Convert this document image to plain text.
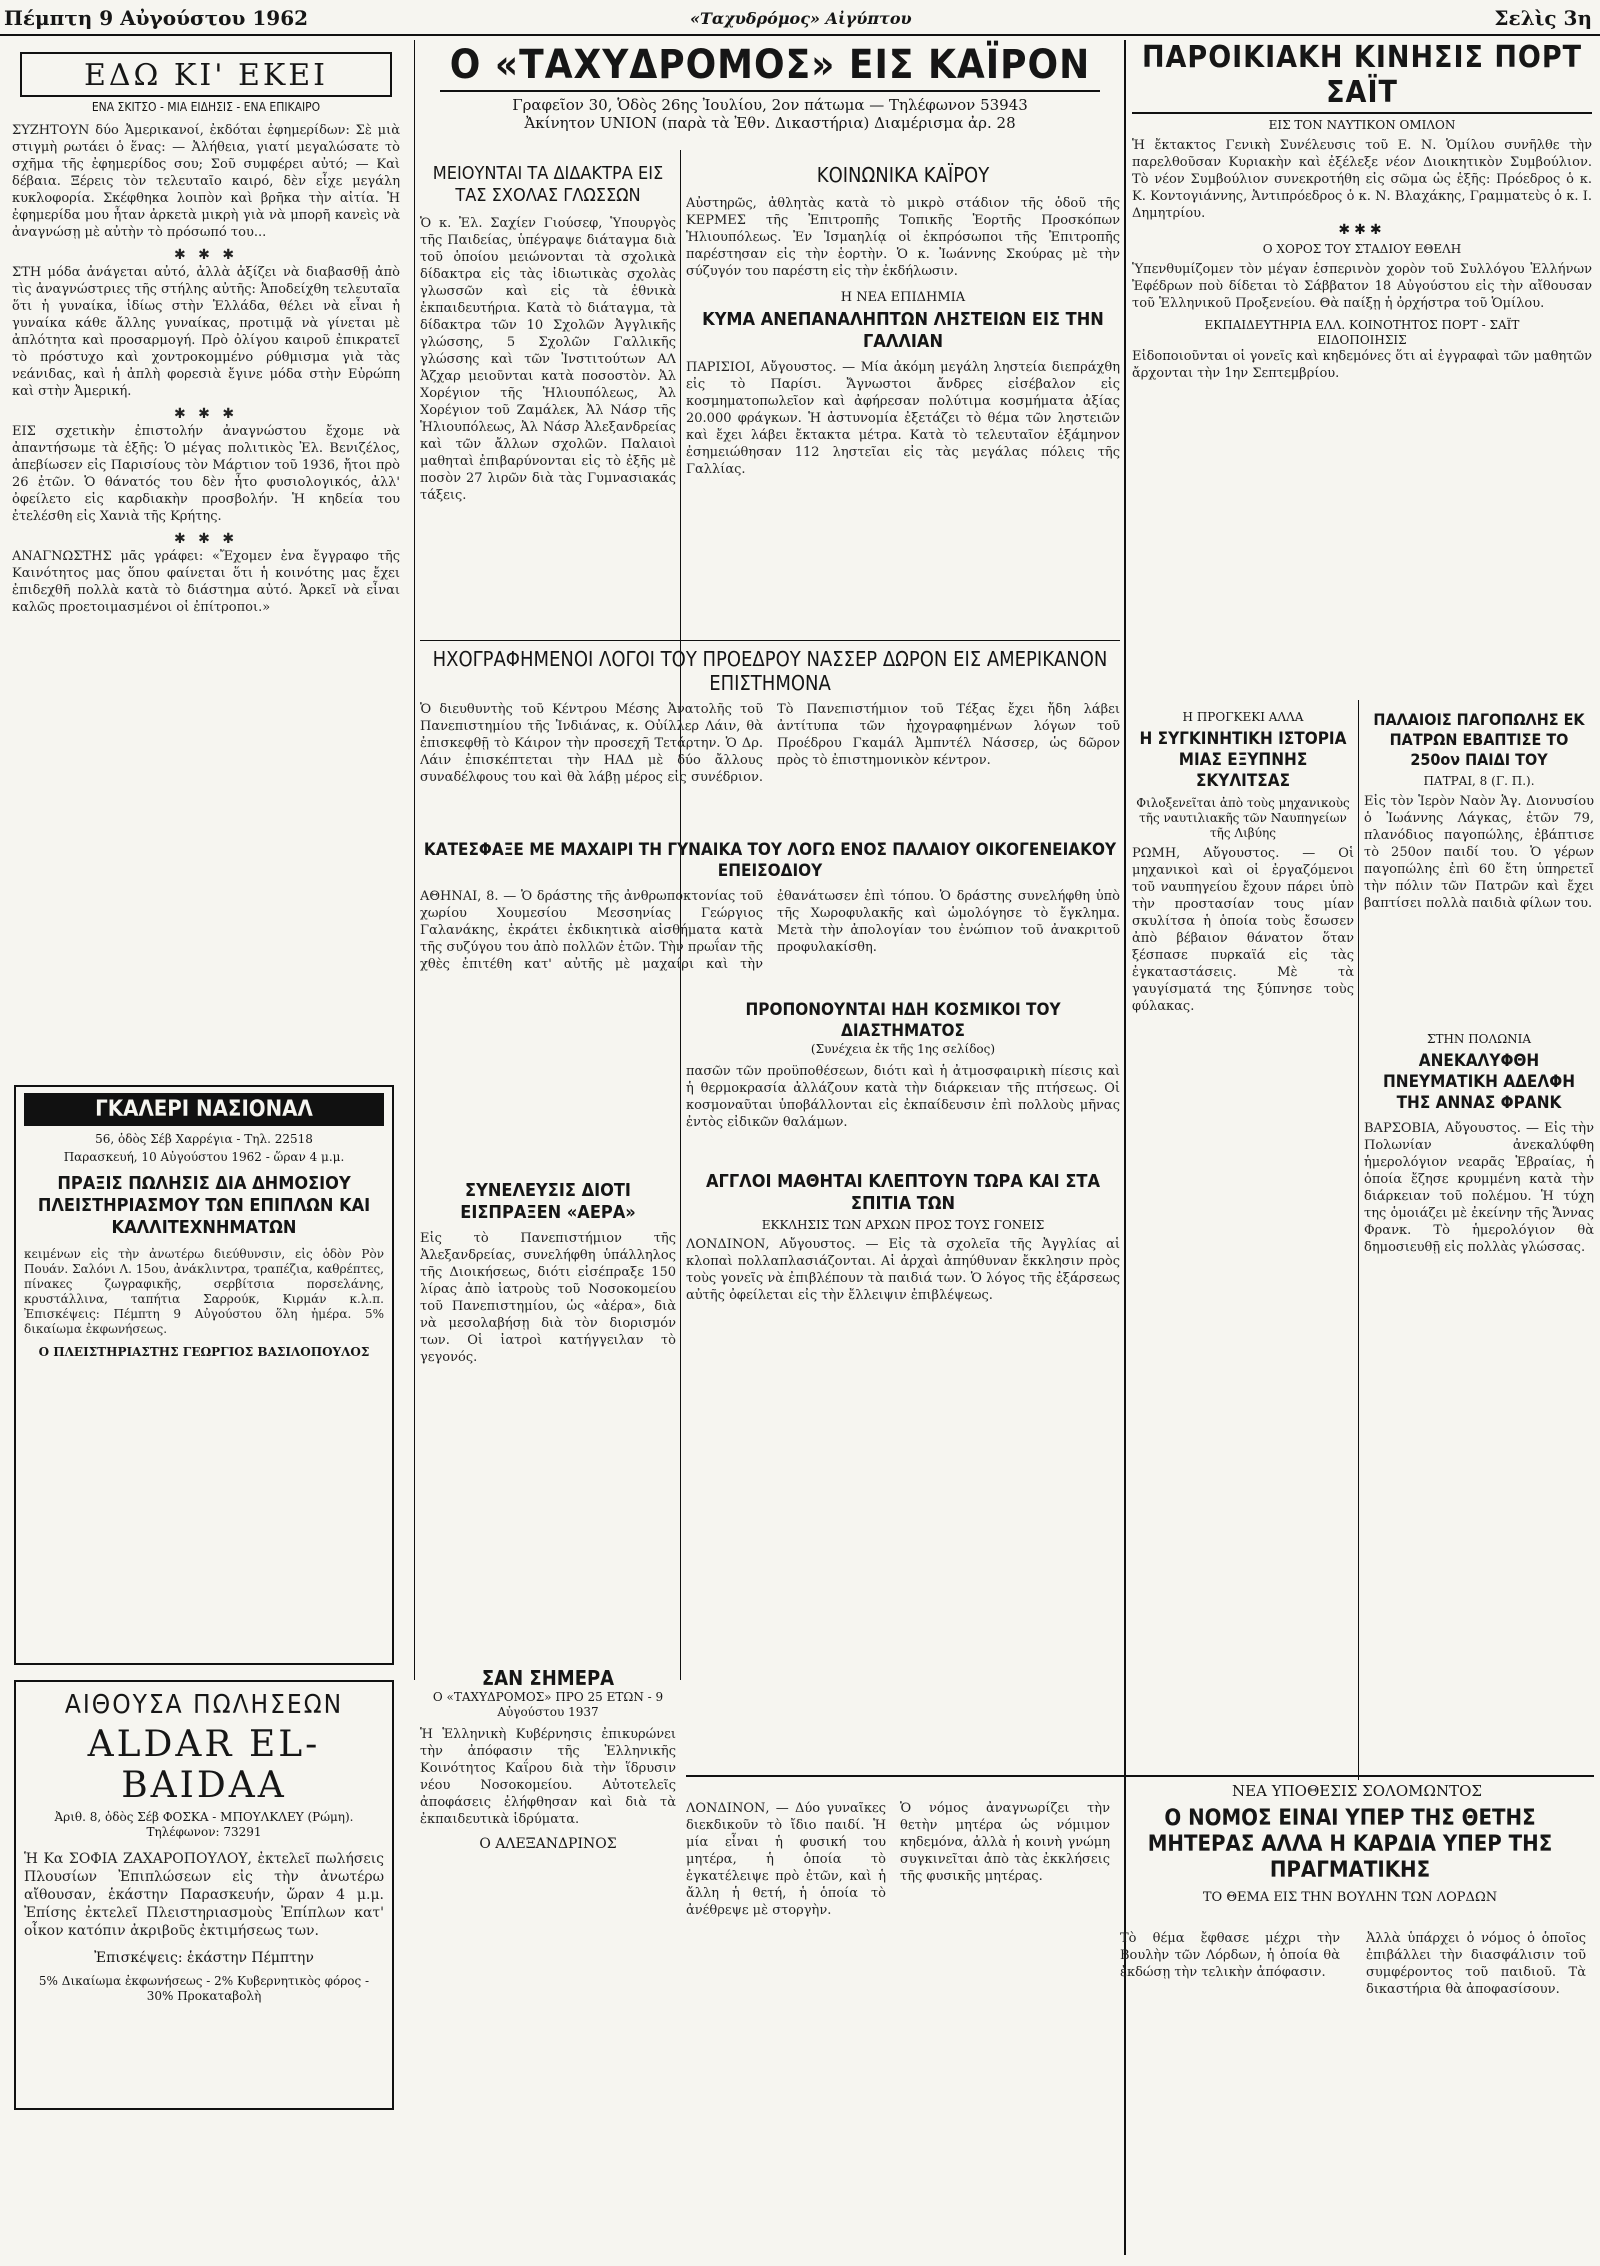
Πέμπτη 9 Αὐγούστου 1962	«Ταχυδρόμος» Αἰγύπτου	Σελὶς 3η
ΕΔΩ ΚΙ' ΕΚΕΙ
ΕΝΑ ΣΚΙΤΣΟ - ΜΙΑ ΕΙΔΗΣΙΣ - ΕΝΑ ΕΠΙΚΑΙΡΟ

ΣΥΖΗΤΟΥΝ δύο Ἀμερικανοί, ἐκδόται ἐφημερίδων: Σὲ μιὰ στιγμὴ ρωτάει ὁ ἕνας: — Ἀλήθεια, γιατί μεγαλώσατε τὸ σχῆμα τῆς ἐφημερίδος σου; Σοῦ συμφέρει αὐτό; — Καὶ δέβαια. Ξέρεις τὸν τελευταῖο καιρό, δὲν εἶχε μεγάλη κυκλοφορία. Σκέφθηκα λοιπὸν καὶ βρῆκα τὴν αἰτία. Ἡ ἐφημερίδα μου ἦταν ἀρκετὰ μικρὴ γιὰ νὰ μπορῆ κανεὶς νὰ ἀναγνώσῃ μὲ αὐτὴν τὸ πρόσωπό του...

✱ ✱ ✱

ΣΤΗ μόδα ἀνάγεται αὐτό, ἀλλὰ ἀξίζει νὰ διαβασθῇ ἀπὸ τὶς ἀναγνώστριες τῆς στήλης αὐτῆς: Ἀποδείχθη τελευταῖα ὅτι ἡ γυναίκα, ἰδίως στὴν Ἑλλάδα, θέλει νὰ εἶναι ἡ γυναίκα κάθε ἄλλης γυναίκας, προτιμᾷ νὰ γίνεται μὲ ἀπλότητα καὶ προσαρμογή. Πρὸ ὀλίγου καιροῦ ἐπικρατεῖ τὸ πρόστυχο καὶ χοντροκομμένο ρύθμισμα γιὰ τὰς νεάνιδας, καὶ ἡ ἀπλὴ φορεσιὰ ἔγινε μόδα στὴν Εὐρώπη καὶ στὴν Ἀμερική.

✱ ✱ ✱

ΕΙΣ σχετικὴν ἐπιστολήν ἀναγνώστου ἔχομε νὰ ἀπαντήσωμε τὰ ἑξῆς: Ὁ μέγας πολιτικὸς Ἐλ. Βενιζέλος, ἀπεβίωσεν εἰς Παρισίους τὸν Μάρτιον τοῦ 1936, ἤτοι πρὸ 26 ἐτῶν. Ὁ θάνατός του δὲν ἦτο φυσιολογικός, ἀλλ' ὀφείλετο εἰς καρδιακὴν προσβολήν. Ἡ κηδεία του ἐτελέσθη εἰς Χανιὰ τῆς Κρήτης.

✱ ✱ ✱

ΑΝΑΓΝΩΣΤΗΣ μᾶς γράφει: «Ἔχομεν ἐνα ἔγγραφο τῆς Καινότητος μας ὅπου φαίνεται ὅτι ἡ κοινότης μας ἔχει ἐπιδεχθῆ πολλὰ κατὰ τὸ διάστημα αὐτό. Ἀρκεῖ νὰ εἶναι καλῶς προετοιμασμένοι οἱ ἐπίτροποι.»

ΓΚΑΛΕΡΙ ΝΑΣΙΟΝΑΛ
56, ὁδὸς Σέβ Χαρρέγια - Τηλ. 22518
Παρασκευή, 10 Αὐγούστου 1962 - ὥραν 4 μ.μ.
ΠΡΑΞΙΣ ΠΩΛΗΣΙΣ ΔΙΑ ΔΗΜΟΣΙΟΥ ΠΛΕΙΣΤΗΡΙΑΣΜΟΥ ΤΩΝ ΕΠΙΠΛΩΝ ΚΑΙ ΚΑΛΛΙΤΕΧΝΗΜΑΤΩΝ
κειμένων εἰς τὴν ἀνωτέρω διεύθυνσιν, εἰς ὁδὸν Ρὸν Πουάν. Σαλόνι Λ. 15ου, ἀνάκλιντρα, τραπέζια, καθρέπτες, πίνακες ζωγραφικῆς, σερβίτσια πορσελάνης, κρυστάλλινα, ταπήτια Σαρρούκ, Κιρμάν κ.λ.π. Ἐπισκέψεις: Πέμπτη 9 Αὐγούστου ὅλη ἡμέρα. 5% δικαίωμα ἐκφωνήσεως.
Ο ΠΛΕΙΣΤΗΡΙΑΣΤΗΣ ΓΕΩΡΓΙΟΣ ΒΑΣΙΛΟΠΟΥΛΟΣ
ΑΙΘΟΥΣΑ ΠΩΛΗΣΕΩΝ
ALDAR EL-BAIDAA
Ἀριθ. 8, ὁδὸς Σέβ ΦΟΣΚΑ - ΜΠΟΥΛΚΛΕΥ (Ρώμη). Τηλέφωνον: 73291
Ἡ Κα ΣΟΦΙΑ ΖΑΧΑΡΟΠΟΥΛΟΥ, ἐκτελεῖ πωλήσεις Πλουσίων Ἐπιπλώσεων εἰς τὴν ἀνωτέρω αἴθουσαν, ἑκάστην Παρασκευήν, ὥραν 4 μ.μ. Ἐπίσης ἐκτελεῖ Πλειστηριασμοὺς Ἐπίπλων κατ' οἶκον κατόπιν ἀκριβοῦς ἐκτιμήσεως των.
Ἐπισκέψεις: ἑκάστην Πέμπτην
5% Δικαίωμα ἐκφωνήσεως - 2% Κυβερνητικὸς φόρος - 30% Προκαταβολὴ
Ο «ΤΑΧΥΔΡΟΜΟΣ» ΕΙΣ ΚΑΪΡΟΝ
Γραφεῖον 30, Ὁδὸς 26ης Ἰουλίου, 2ον πάτωμα — Τηλέφωνον 53943
Ἀκίνητον UNION (παρὰ τὰ Ἐθν. Δικαστήρια) Διαμέρισμα ἀρ. 28
ΜΕΙΟΥΝΤΑΙ ΤΑ ΔΙΔΑΚΤΡΑ ΕΙΣ ΤΑΣ ΣΧΟΛΑΣ ΓΛΩΣΣΩΝ
Ὁ κ. Ἐλ. Σαχίεν Γιούσεφ, Ὑπουργὸς τῆς Παιδείας, ὑπέγραψε διάταγμα διὰ τοῦ ὁποίου μειώνονται τὰ σχολικὰ δίδακτρα εἰς τὰς ἰδιωτικὰς σχολὰς γλωσσῶν καὶ εἰς τὰ ἐθνικὰ ἐκπαιδευτήρια. Κατὰ τὸ διάταγμα, τὰ δίδακτρα τῶν 10 Σχολῶν Ἀγγλικῆς γλώσσης, 5 Σχολῶν Γαλλικῆς γλώσσης καὶ τῶν Ἰνστιτούτων ΑΛ Ἀζχαρ μειοῦνται κατὰ ποσοστὸν. Ἀλ Χορέγιον τῆς Ἡλιουπόλεως, Ἀλ Χορέγιον τοῦ Ζαμάλεκ, Ἀλ Νάσρ τῆς Ἡλιουπόλεως, Ἀλ Νάσρ Ἀλεξανδρείας καὶ τῶν ἄλλων σχολῶν. Παλαιοὶ μαθηταὶ ἐπιβαρύνονται εἰς τὸ ἐξῆς μὲ ποσὸν 27 λιρῶν διὰ τὰς Γυμνασιακάς τάξεις.
ΚΟΙΝΩΝΙΚΑ ΚΑΪΡΟΥ
Αὐστηρῶς, ἀθλητὰς κατὰ τὸ μικρὸ στάδιον τῆς ὁδοῦ τῆς ΚΕΡΜΕΣ τῆς Ἐπιτροπῆς Τοπικῆς Ἑορτῆς Προσκόπων Ἡλιουπόλεως. Ἐν Ἱσμαηλίᾳ οἱ ἐκπρόσωποι τῆς Ἐπιτροπῆς παρέστησαν εἰς τὴν ἑορτὴν. Ὁ κ. Ἰωάννης Σκούρας μὲ τὴν σύζυγόν του παρέστη εἰς τὴν ἐκδήλωσιν.
Η ΝΕΑ ΕΠΙΔΗΜΙΑ
ΚΥΜΑ ΑΝΕΠΑΝΑΛΗΠΤΩΝ ΛΗΣΤΕΙΩΝ ΕΙΣ ΤΗΝ ΓΑΛΛΙΑΝ
ΠΑΡΙΣΙΟΙ, Αὔγουστος. — Μία ἀκόμη μεγάλη ληστεία διεπράχθη εἰς τὸ Παρίσι. Ἄγνωστοι ἄνδρες εἰσέβαλον εἰς κοσμηματοπωλεῖον καὶ ἀφήρεσαν πολύτιμα κοσμήματα ἀξίας 20.000 φράγκων. Ἡ ἀστυνομία ἐξετάζει τὸ θέμα τῶν ληστειῶν καὶ ἔχει λάβει ἔκτακτα μέτρα. Κατὰ τὸ τελευταῖον ἑξάμηνον ἐσημειώθησαν 112 ληστεῖαι εἰς τὰς μεγάλας πόλεις τῆς Γαλλίας.
ΗΧΟΓΡΑΦΗΜΕΝΟΙ ΛΟΓΟΙ ΤΟΥ ΠΡΟΕΔΡΟΥ ΝΑΣΣΕΡ ΔΩΡΟΝ ΕΙΣ ΑΜΕΡΙΚΑΝΟΝ ΕΠΙΣΤΗΜΟΝΑ
Ὁ διευθυντὴς τοῦ Κέντρου Μέσης Ἀνατολῆς τοῦ Πανεπιστημίου τῆς Ἰνδιάνας, κ. Οὐίλλερ Λάιν, θὰ ἐπισκεφθῇ τὸ Κάιρον τὴν προσεχῆ Τετάρτην. Ὁ Δρ. Λάιν ἐπισκέπτεται τὴν ΗΑΔ μὲ δύο ἄλλους συναδέλφους του καὶ θὰ λάβῃ μέρος εἰς συνέδριον. Τὸ Πανεπιστήμιον τοῦ Τέξας ἔχει ἤδη λάβει ἀντίτυπα τῶν ἠχογραφημένων λόγων τοῦ Προέδρου Γκαμάλ Ἀμπντέλ Νάσσερ, ὡς δῶρον πρὸς τὸ ἐπιστημονικὸν κέντρον.
ΚΑΤΕΣΦΑΞΕ ΜΕ ΜΑΧΑΙΡΙ ΤΗ ΓΥΝΑΙΚΑ ΤΟΥ ΛΟΓΩ ΕΝΟΣ ΠΑΛΑΙΟΥ ΟΙΚΟΓΕΝΕΙΑΚΟΥ ΕΠΕΙΣΟΔΙΟΥ
ΑΘΗΝΑΙ, 8. — Ὁ δράστης τῆς ἀνθρωποκτονίας τοῦ χωρίου Χουμεσίου Μεσσηνίας Γεώργιος Γαλανάκης, ἐκράτει ἐκδικητικὰ αἰσθήματα κατὰ τῆς συζύγου του ἀπὸ πολλῶν ἐτῶν. Τὴν πρωΐαν τῆς χθὲς ἐπιτέθη κατ' αὐτῆς μὲ μαχαίρι καὶ τὴν ἐθανάτωσεν ἐπὶ τόπου. Ὁ δράστης συνελήφθη ὑπὸ τῆς Χωροφυλακῆς καὶ ὡμολόγησε τὸ ἔγκλημα. Μετὰ τὴν ἀπολογίαν του ἐνώπιον τοῦ ἀνακριτοῦ προφυλακίσθη.
ΠΡΟΠΟΝΟΥΝΤΑΙ ΗΔΗ ΚΟΣΜΙΚΟΙ ΤΟΥ ΔΙΑΣΤΗΜΑΤΟΣ
(Συνέχεια ἐκ τῆς 1ης σελίδος)
πασῶν τῶν προϋποθέσεων, διότι καὶ ἡ ἀτμοσφαιρικὴ πίεσις καὶ ἡ θερμοκρασία ἀλλάζουν κατὰ τὴν διάρκειαν τῆς πτήσεως. Οἱ κοσμοναῦται ὑποβάλλονται εἰς ἐκπαίδευσιν ἐπὶ πολλοὺς μῆνας ἐντὸς εἰδικῶν θαλάμων.
ΑΓΓΛΟΙ ΜΑΘΗΤΑΙ ΚΛΕΠΤΟΥΝ ΤΩΡΑ ΚΑΙ ΣΤΑ ΣΠΙΤΙΑ ΤΩΝ
ΕΚΚΛΗΣΙΣ ΤΩΝ ΑΡΧΩΝ ΠΡΟΣ ΤΟΥΣ ΓΟΝΕΙΣ
ΛΟΝΔΙΝΟΝ, Αὔγουστος. — Εἰς τὰ σχολεῖα τῆς Ἀγγλίας αἱ κλοπαὶ πολλαπλασιάζονται. Αἱ ἀρχαὶ ἀπηύθυναν ἔκκλησιν πρὸς τοὺς γονεῖς νὰ ἐπιβλέπουν τὰ παιδιά των. Ὁ λόγος τῆς ἐξάρσεως αὐτῆς ὀφείλεται εἰς τὴν ἔλλειψιν ἐπιβλέψεως.
ΣΥΝΕΛΕΥΣΙΣ ΔΙΟΤΙ ΕΙΣΠΡΑΞΕΝ «ΑΕΡΑ»
Εἰς τὸ Πανεπιστήμιον τῆς Ἀλεξανδρείας, συνελήφθη ὑπάλληλος τῆς Διοικήσεως, διότι εἰσέπραξε 150 λίρας ἀπὸ ἰατροὺς τοῦ Νοσοκομείου τοῦ Πανεπιστημίου, ὡς «ἀέρα», διὰ νὰ μεσολαβήσῃ διὰ τὸν διορισμόν των. Οἱ ἰατροὶ κατήγγειλαν τὸ γεγονός.
ΣΑΝ ΣΗΜΕΡΑ
Ο «ΤΑΧΥΔΡΟΜΟΣ» ΠΡΟ 25 ΕΤΩΝ - 9 Αὐγούστου 1937
Ἡ Ἑλληνικὴ Κυβέρνησις ἐπικυρώνει τὴν ἀπόφασιν τῆς Ἐλληνικῆς Κοινότητος Καΐρου διὰ τὴν ἵδρυσιν νέου Νοσοκομείου. Αὐτοτελεῖς ἀποφάσεις ἐλήφθησαν καὶ διὰ τὰ ἐκπαιδευτικὰ ἱδρύματα.
Ο ΑΛΕΞΑΝΔΡΙΝΟΣ
ΠΑΡΟΙΚΙΑΚΗ ΚΙΝΗΣΙΣ ΠΟΡΤ ΣΑΪΤ
ΕΙΣ ΤΟΝ ΝΑΥΤΙΚΟΝ ΟΜΙΛΟΝ
Ἡ ἔκτακτος Γενικὴ Συνέλευσις τοῦ Ε. Ν. Ὁμίλου συνῆλθε τὴν παρελθοῦσαν Κυριακὴν καὶ ἐξέλεξε νέον Διοικητικὸν Συμβούλιον. Τὸ νέον Συμβούλιον συνεκροτήθη εἰς σῶμα ὡς ἑξῆς: Πρόεδρος ὁ κ. Κ. Κοντογιάννης, Ἀντιπρόεδρος ὁ κ. Ν. Βλαχάκης, Γραμματεὺς ὁ κ. Ι. Δημητρίου.
✱✱✱
Ο ΧΟΡΟΣ ΤΟΥ ΣΤΑΔΙΟΥ ΕΘΕΛΗ
Ὑπενθυμίζομεν τὸν μέγαν ἑσπερινὸν χορὸν τοῦ Συλλόγου Ἑλλήνων Ἐφέδρων ποὺ δίδεται τὸ Σάββατον 18 Αὐγούστου εἰς τὴν αἴθουσαν τοῦ Ἑλληνικοῦ Προξενείου. Θὰ παίξῃ ἡ ὀρχήστρα τοῦ Ὁμίλου.
ΕΚΠΑΙΔΕΥΤΗΡΙΑ ΕΛΛ. ΚΟΙΝΟΤΗΤΟΣ ΠΟΡΤ - ΣΑΪΤ
ΕΙΔΟΠΟΙΗΣΙΣ
Εἰδοποιοῦνται οἱ γονεῖς καὶ κηδεμόνες ὅτι αἱ ἐγγραφαὶ τῶν μαθητῶν ἄρχονται τὴν 1ην Σεπτεμβρίου.
Η ΠΡΟΓΚΕΚΙ ΑΛΛΑ
Η ΣΥΓΚΙΝΗΤΙΚΗ ΙΣΤΟΡΙΑ ΜΙΑΣ ΕΞΥΠΝΗΣ ΣΚΥΛΙΤΣΑΣ
Φιλοξενεῖται ἀπὸ τοὺς μηχανικοὺς τῆς ναυτιλιακῆς τῶν Ναυπηγείων τῆς Λιβύης
ΡΩΜΗ, Αὔγουστος. — Οἱ μηχανικοὶ καὶ οἱ ἐργαζόμενοι τοῦ ναυπηγείου ἔχουν πάρει ὑπὸ τὴν προστασίαν τους μίαν σκυλίτσα ἡ ὁποία τοὺς ἔσωσεν ἀπὸ βέβαιον θάνατον ὅταν ξέσπασε πυρκαϊά εἰς τὰς ἐγκαταστάσεις. Μὲ τὰ γαυγίσματά της ξύπνησε τοὺς φύλακας.
ΠΑΛΑΙΟΙΣ ΠΑΓΟΠΩΛΗΣ ΕΚ ΠΑΤΡΩΝ ΕΒΑΠΤΙΣΕ ΤΟ 250ον ΠΑΙΔΙ ΤΟΥ
ΠΑΤΡΑΙ, 8 (Γ. Π.).
Εἰς τὸν Ἱερὸν Ναὸν Ἁγ. Διονυσίου ὁ Ἰωάννης Λάγκας, ἐτῶν 79, πλανόδιος παγοπώλης, ἐβάπτισε τὸ 250ον παιδί του. Ὁ γέρων παγοπώλης ἐπὶ 60 ἔτη ὑπηρετεῖ τὴν πόλιν τῶν Πατρῶν καὶ ἔχει βαπτίσει πολλὰ παιδιὰ φίλων του.
ΣΤΗΝ ΠΟΛΩΝΙΑ
ΑΝΕΚΑΛΥΦΘΗ ΠΝΕΥΜΑΤΙΚΗ ΑΔΕΛΦΗ ΤΗΣ ΑΝΝΑΣ ΦΡΑΝΚ
ΒΑΡΣΟΒΙΑ, Αὔγουστος. — Εἰς τὴν Πολωνίαν ἀνεκαλύφθη ἡμερολόγιον νεαρᾶς Ἑβραίας, ἡ ὁποία ἔζησε κρυμμένη κατὰ τὴν διάρκειαν τοῦ πολέμου. Ἡ τύχη της ὁμοιάζει μὲ ἐκείνην τῆς Ἄννας Φρανκ. Τὸ ἡμερολόγιον θὰ δημοσιευθῇ εἰς πολλὰς γλώσσας.
ΝΕΑ ΥΠΟΘΕΣΙΣ ΣΟΛΟΜΩΝΤΟΣ
Ο ΝΟΜΟΣ ΕΙΝΑΙ ΥΠΕΡ ΤΗΣ ΘΕΤΗΣ ΜΗΤΕΡΑΣ ΑΛΛΑ Η ΚΑΡΔΙΑ ΥΠΕΡ ΤΗΣ ΠΡΑΓΜΑΤΙΚΗΣ
ΤΟ ΘΕΜΑ ΕΙΣ ΤΗΝ ΒΟΥΛΗΝ ΤΩΝ ΛΟΡΔΩΝ
ΛΟΝΔΙΝΟΝ, — Δύο γυναῖκες διεκδικοῦν τὸ ἴδιο παιδί. Ἡ μία εἶναι ἡ φυσική του μητέρα, ἡ ὁποία τὸ ἐγκατέλειψε πρὸ ἐτῶν, καὶ ἡ ἄλλη ἡ θετή, ἡ ὁποία τὸ ἀνέθρεψε μὲ στοργὴν.
Ὁ νόμος ἀναγνωρίζει τὴν θετὴν μητέρα ὡς νόμιμον κηδεμόνα, ἀλλὰ ἡ κοινὴ γνώμη συγκινεῖται ἀπὸ τὰς ἐκκλήσεις τῆς φυσικῆς μητέρας.
Τὸ θέμα ἔφθασε μέχρι τὴν Βουλὴν τῶν Λόρδων, ἡ ὁποία θὰ ἐκδώσῃ τὴν τελικὴν ἀπόφασιν.
Ἀλλὰ ὑπάρχει ὁ νόμος ὁ ὁποῖος ἐπιβάλλει τὴν διασφάλισιν τοῦ συμφέροντος τοῦ παιδιοῦ. Τὰ δικαστήρια θὰ ἀποφασίσουν.
